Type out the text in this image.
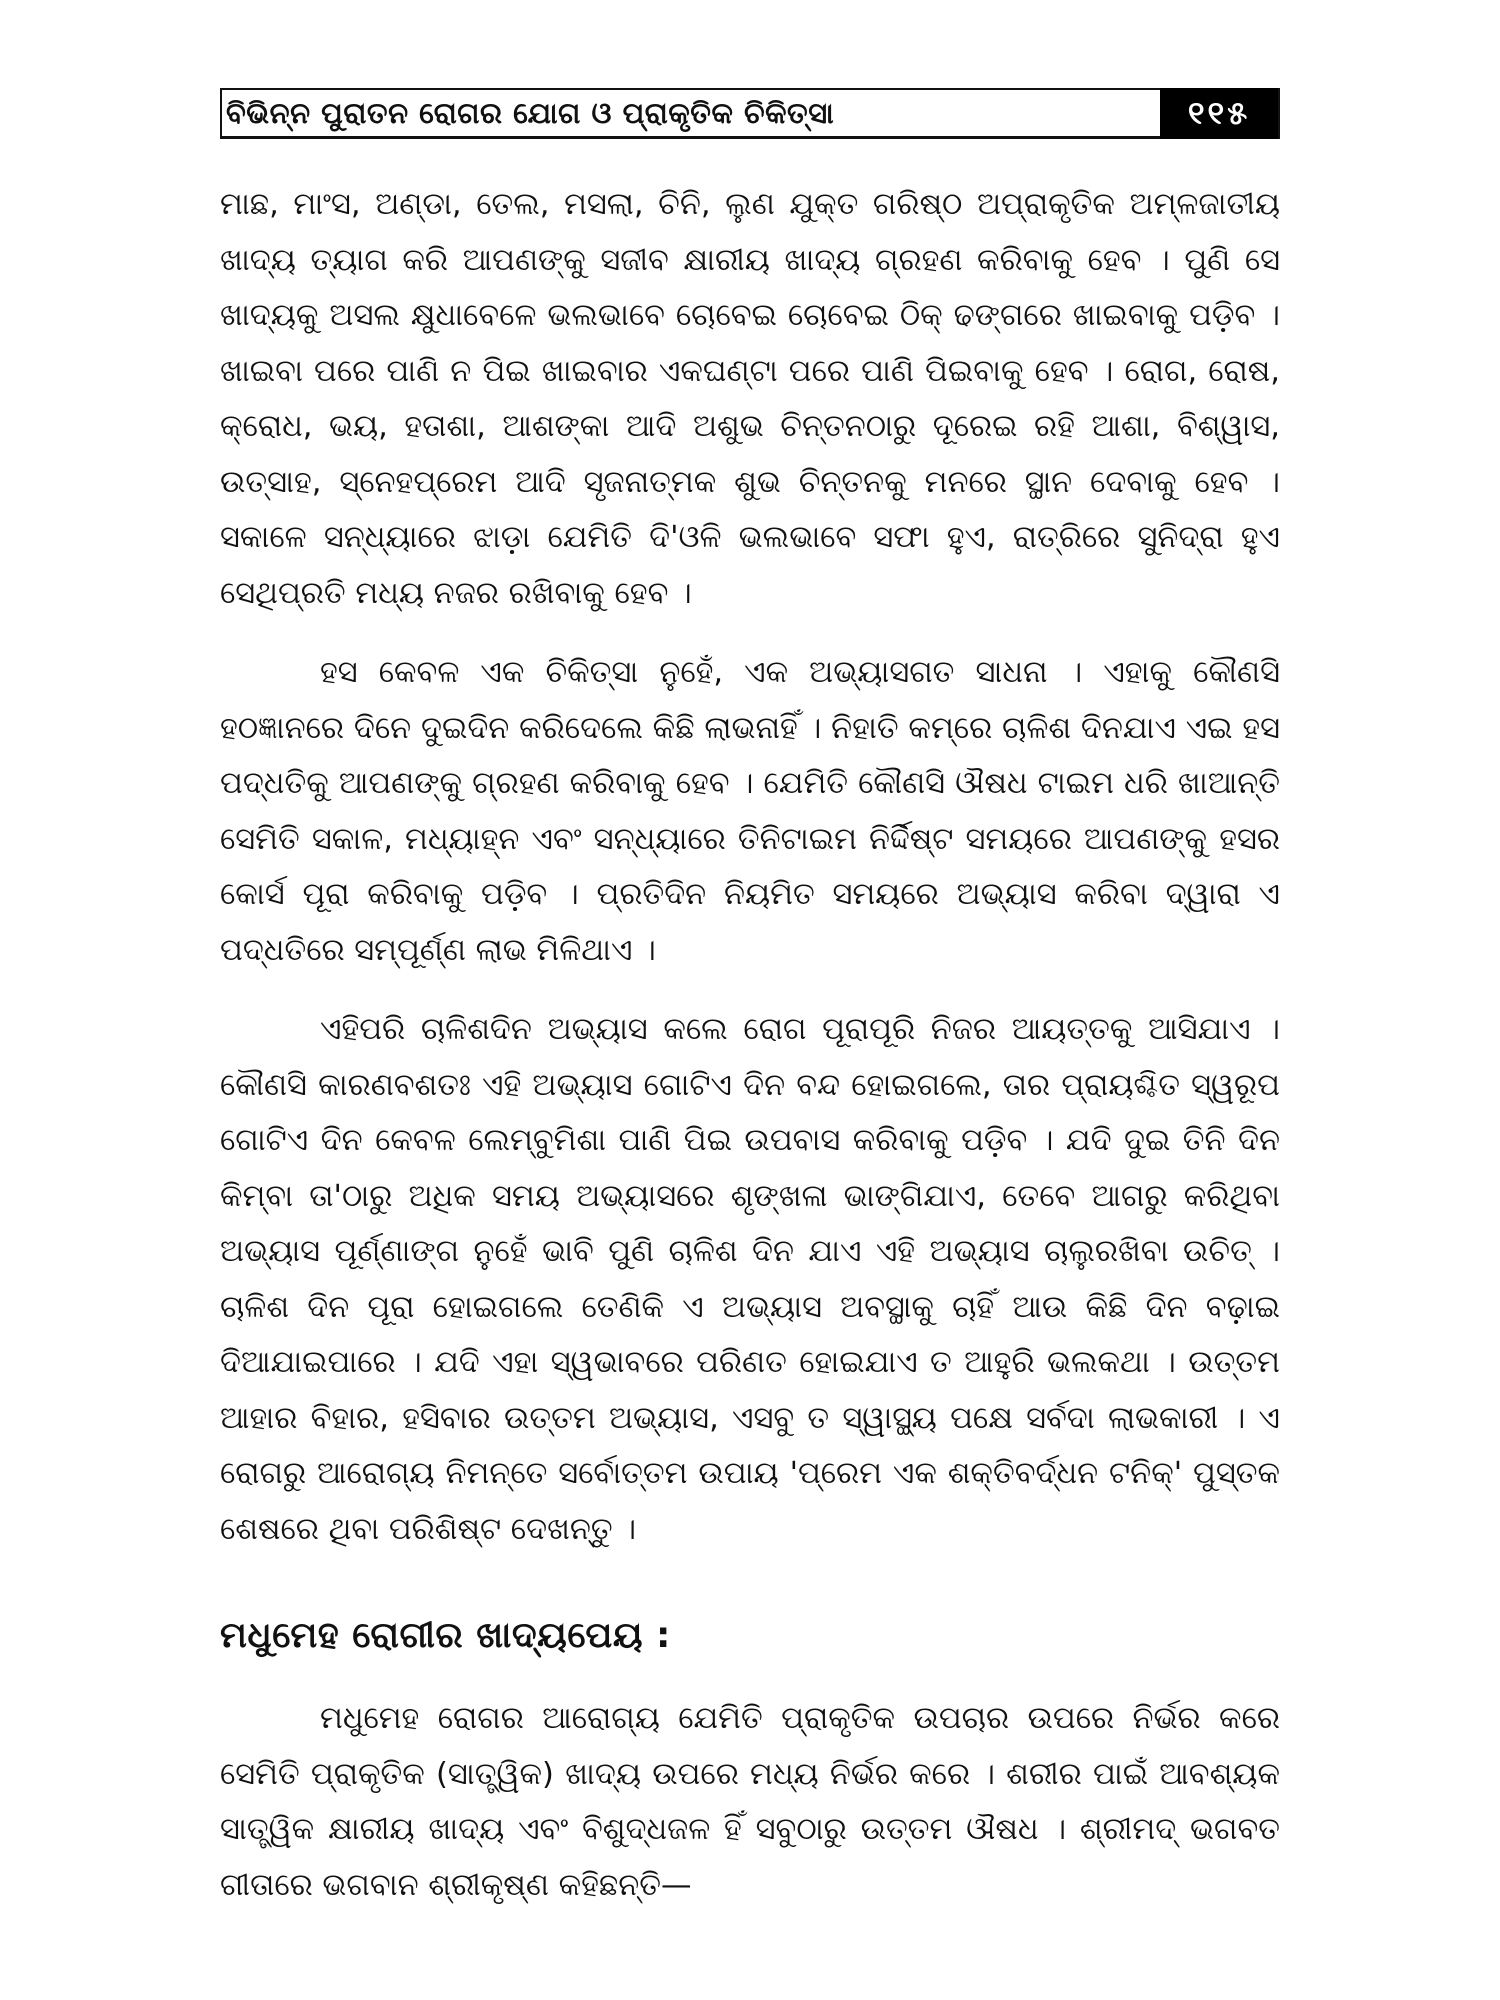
ବିଭିନ୍ନ ପୁରାତନ ରୋଗର ଯୋଗ ଓ ପ୍ରାକୃତିକ ଚିକିତ୍ସା	୧୧୫

ମାଛ, ମାଂସ, ଅଣ୍ଡା, ତେଲ, ମସଲା, ଚିନି, ଲୁଣ ଯୁକ୍ତ ଗରିଷ୍ଠ ଅପ୍ରାକୃତିକ ଅମ୍ଳଜାତୀୟ ଖାଦ୍ୟ ତ୍ୟାଗ କରି ଆପଣଙ୍କୁ ସଜୀବ କ୍ଷାରୀୟ ଖାଦ୍ୟ ଗ୍ରହଣ କରିବାକୁ ହେବ । ପୁଣି ସେ ଖାଦ୍ୟକୁ ଅସଲ କ୍ଷୁଧାବେଳେ ଭଲଭାବେ ଚୋବେଇ ଚୋବେଇ ଠିକ୍ ଢଙ୍ଗରେ ଖାଇବାକୁ ପଡ଼ିବ । ଖାଇବା ପରେ ପାଣି ନ ପିଇ ଖାଇବାର ଏକଘଣ୍ଟା ପରେ ପାଣି ପିଇବାକୁ ହେବ । ରୋଗ, ରୋଷ, କ୍ରୋଧ, ଭୟ, ହତାଶା, ଆଶଙ୍କା ଆଦି ଅଶୁଭ ଚିନ୍ତନଠାରୁ ଦୂରେଇ ରହି ଆଶା, ବିଶ୍ୱାସ, ଉତ୍ସାହ, ସ୍ନେହପ୍ରେମ ଆଦି ସୃଜନାତ୍ମକ ଶୁଭ ଚିନ୍ତନକୁ ମନରେ ସ୍ଥାନ ଦେବାକୁ ହେବ । ସକାଳେ ସନ୍ଧ୍ୟାରେ ଝାଡ଼ା ଯେମିତି ଦି'ଓଳି ଭଲଭାବେ ସଫା ହୁଏ, ରାତ୍ରିରେ ସୁନିଦ୍ରା ହୁଏ ସେଥିପ୍ରତି ମଧ୍ୟ ନଜର ରଖିବାକୁ ହେବ ।

ହସ କେବଳ ଏକ ଚିକିତ୍ସା ନୁହେଁ, ଏକ ଅଭ୍ୟାସଗତ ସାଧନା । ଏହାକୁ କୌଣସି ହଠଜ୍ଞାନରେ ଦିନେ ଦୁଇଦିନ କରିଦେଲେ କିଛି ଲାଭନାହିଁ । ନିହାତି କମ୍‌ରେ ଚାଳିଶ ଦିନଯାଏ ଏଇ ହସ ପଦ୍ଧତିକୁ ଆପଣଙ୍କୁ ଗ୍ରହଣ କରିବାକୁ ହେବ । ଯେମିତି କୌଣସି ଔଷଧ ଟାଇମ ଧରି ଖାଆନ୍ତି ସେମିତି ସକାଳ, ମଧ୍ୟାହ୍ନ ଏବଂ ସନ୍ଧ୍ୟାରେ ତିନିଟାଇମ ନିର୍ଦ୍ଦିଷ୍ଟ ସମୟରେ ଆପଣଙ୍କୁ ହସର କୋର୍ସ ପୂରା କରିବାକୁ ପଡ଼ିବ । ପ୍ରତିଦିନ ନିୟମିତ ସମୟରେ ଅଭ୍ୟାସ କରିବା ଦ୍ୱାରା ଏ ପଦ୍ଧତିରେ ସମ୍ପୂର୍ଣ୍ଣ ଲାଭ ମିଳିଥାଏ ।

ଏହିପରି ଚାଳିଶଦିନ ଅଭ୍ୟାସ କଲେ ରୋଗ ପୂରାପୂରି ନିଜର ଆୟତ୍ତକୁ ଆସିଯାଏ । କୌଣସି କାରଣବଶତଃ ଏହି ଅଭ୍ୟାସ ଗୋଟିଏ ଦିନ ବନ୍ଦ ହୋଇଗଲେ, ତାର ପ୍ରାୟଶ୍ଚିତ ସ୍ୱରୂପ ଗୋଟିଏ ଦିନ କେବଳ ଲେମ୍ବୁମିଶା ପାଣି ପିଇ ଉପବାସ କରିବାକୁ ପଡ଼ିବ । ଯଦି ଦୁଇ ତିନି ଦିନ କିମ୍ବା ତା'ଠାରୁ ଅଧିକ ସମୟ ଅଭ୍ୟାସରେ ଶୃଙ୍ଖଳା ଭାଙ୍ଗିଯାଏ, ତେବେ ଆଗରୁ କରିଥିବା ଅଭ୍ୟାସ ପୂର୍ଣ୍ଣାଙ୍ଗ ନୁହେଁ ଭାବି ପୁଣି ଚାଳିଶ ଦିନ ଯାଏ ଏହି ଅଭ୍ୟାସ ଚାଲୁରଖିବା ଉଚିତ୍ । ଚାଳିଶ ଦିନ ପୂରା ହୋଇଗଲେ ତେଣିକି ଏ ଅଭ୍ୟାସ ଅବସ୍ଥାକୁ ଚାହିଁ ଆଉ କିଛି ଦିନ ବଢ଼ାଇ ଦିଆଯାଇପାରେ । ଯଦି ଏହା ସ୍ୱଭାବରେ ପରିଣତ ହୋଇଯାଏ ତ ଆହୁରି ଭଲକଥା । ଉତ୍ତମ ଆହାର ବିହାର, ହସିବାର ଉତ୍ତମ ଅଭ୍ୟାସ, ଏସବୁ ତ ସ୍ୱାସ୍ଥ୍ୟ ପକ୍ଷେ ସର୍ବଦା ଲାଭକାରୀ । ଏ ରୋଗରୁ ଆରୋଗ୍ୟ ନିମନ୍ତେ ସର୍ବୋତ୍ତମ ଉପାୟ 'ପ୍ରେମ ଏକ ଶକ୍ତିବର୍ଦ୍ଧନ ଟନିକ୍' ପୁସ୍ତକ ଶେଷରେ ଥିବା ପରିଶିଷ୍ଟ ଦେଖନ୍ତୁ ।

ମଧୁମେହ ରୋଗୀର ଖାଦ୍ୟପେୟ :

ମଧୁମେହ ରୋଗର ଆରୋଗ୍ୟ ଯେମିତି ପ୍ରାକୃତିକ ଉପଚାର ଉପରେ ନିର୍ଭର କରେ ସେମିତି ପ୍ରାକୃତିକ (ସାତ୍ତ୍ୱିକ) ଖାଦ୍ୟ ଉପରେ ମଧ୍ୟ ନିର୍ଭର କରେ । ଶରୀର ପାଇଁ ଆବଶ୍ୟକ ସାତ୍ତ୍ୱିକ କ୍ଷାରୀୟ ଖାଦ୍ୟ ଏବଂ ବିଶୁଦ୍ଧଜଳ ହିଁ ସବୁଠାରୁ ଉତ୍ତମ ଔଷଧ । ଶ୍ରୀମଦ୍ ଭଗବତ ଗୀତାରେ ଭଗବାନ ଶ୍ରୀକୃଷ୍ଣ କହିଛନ୍ତି—
